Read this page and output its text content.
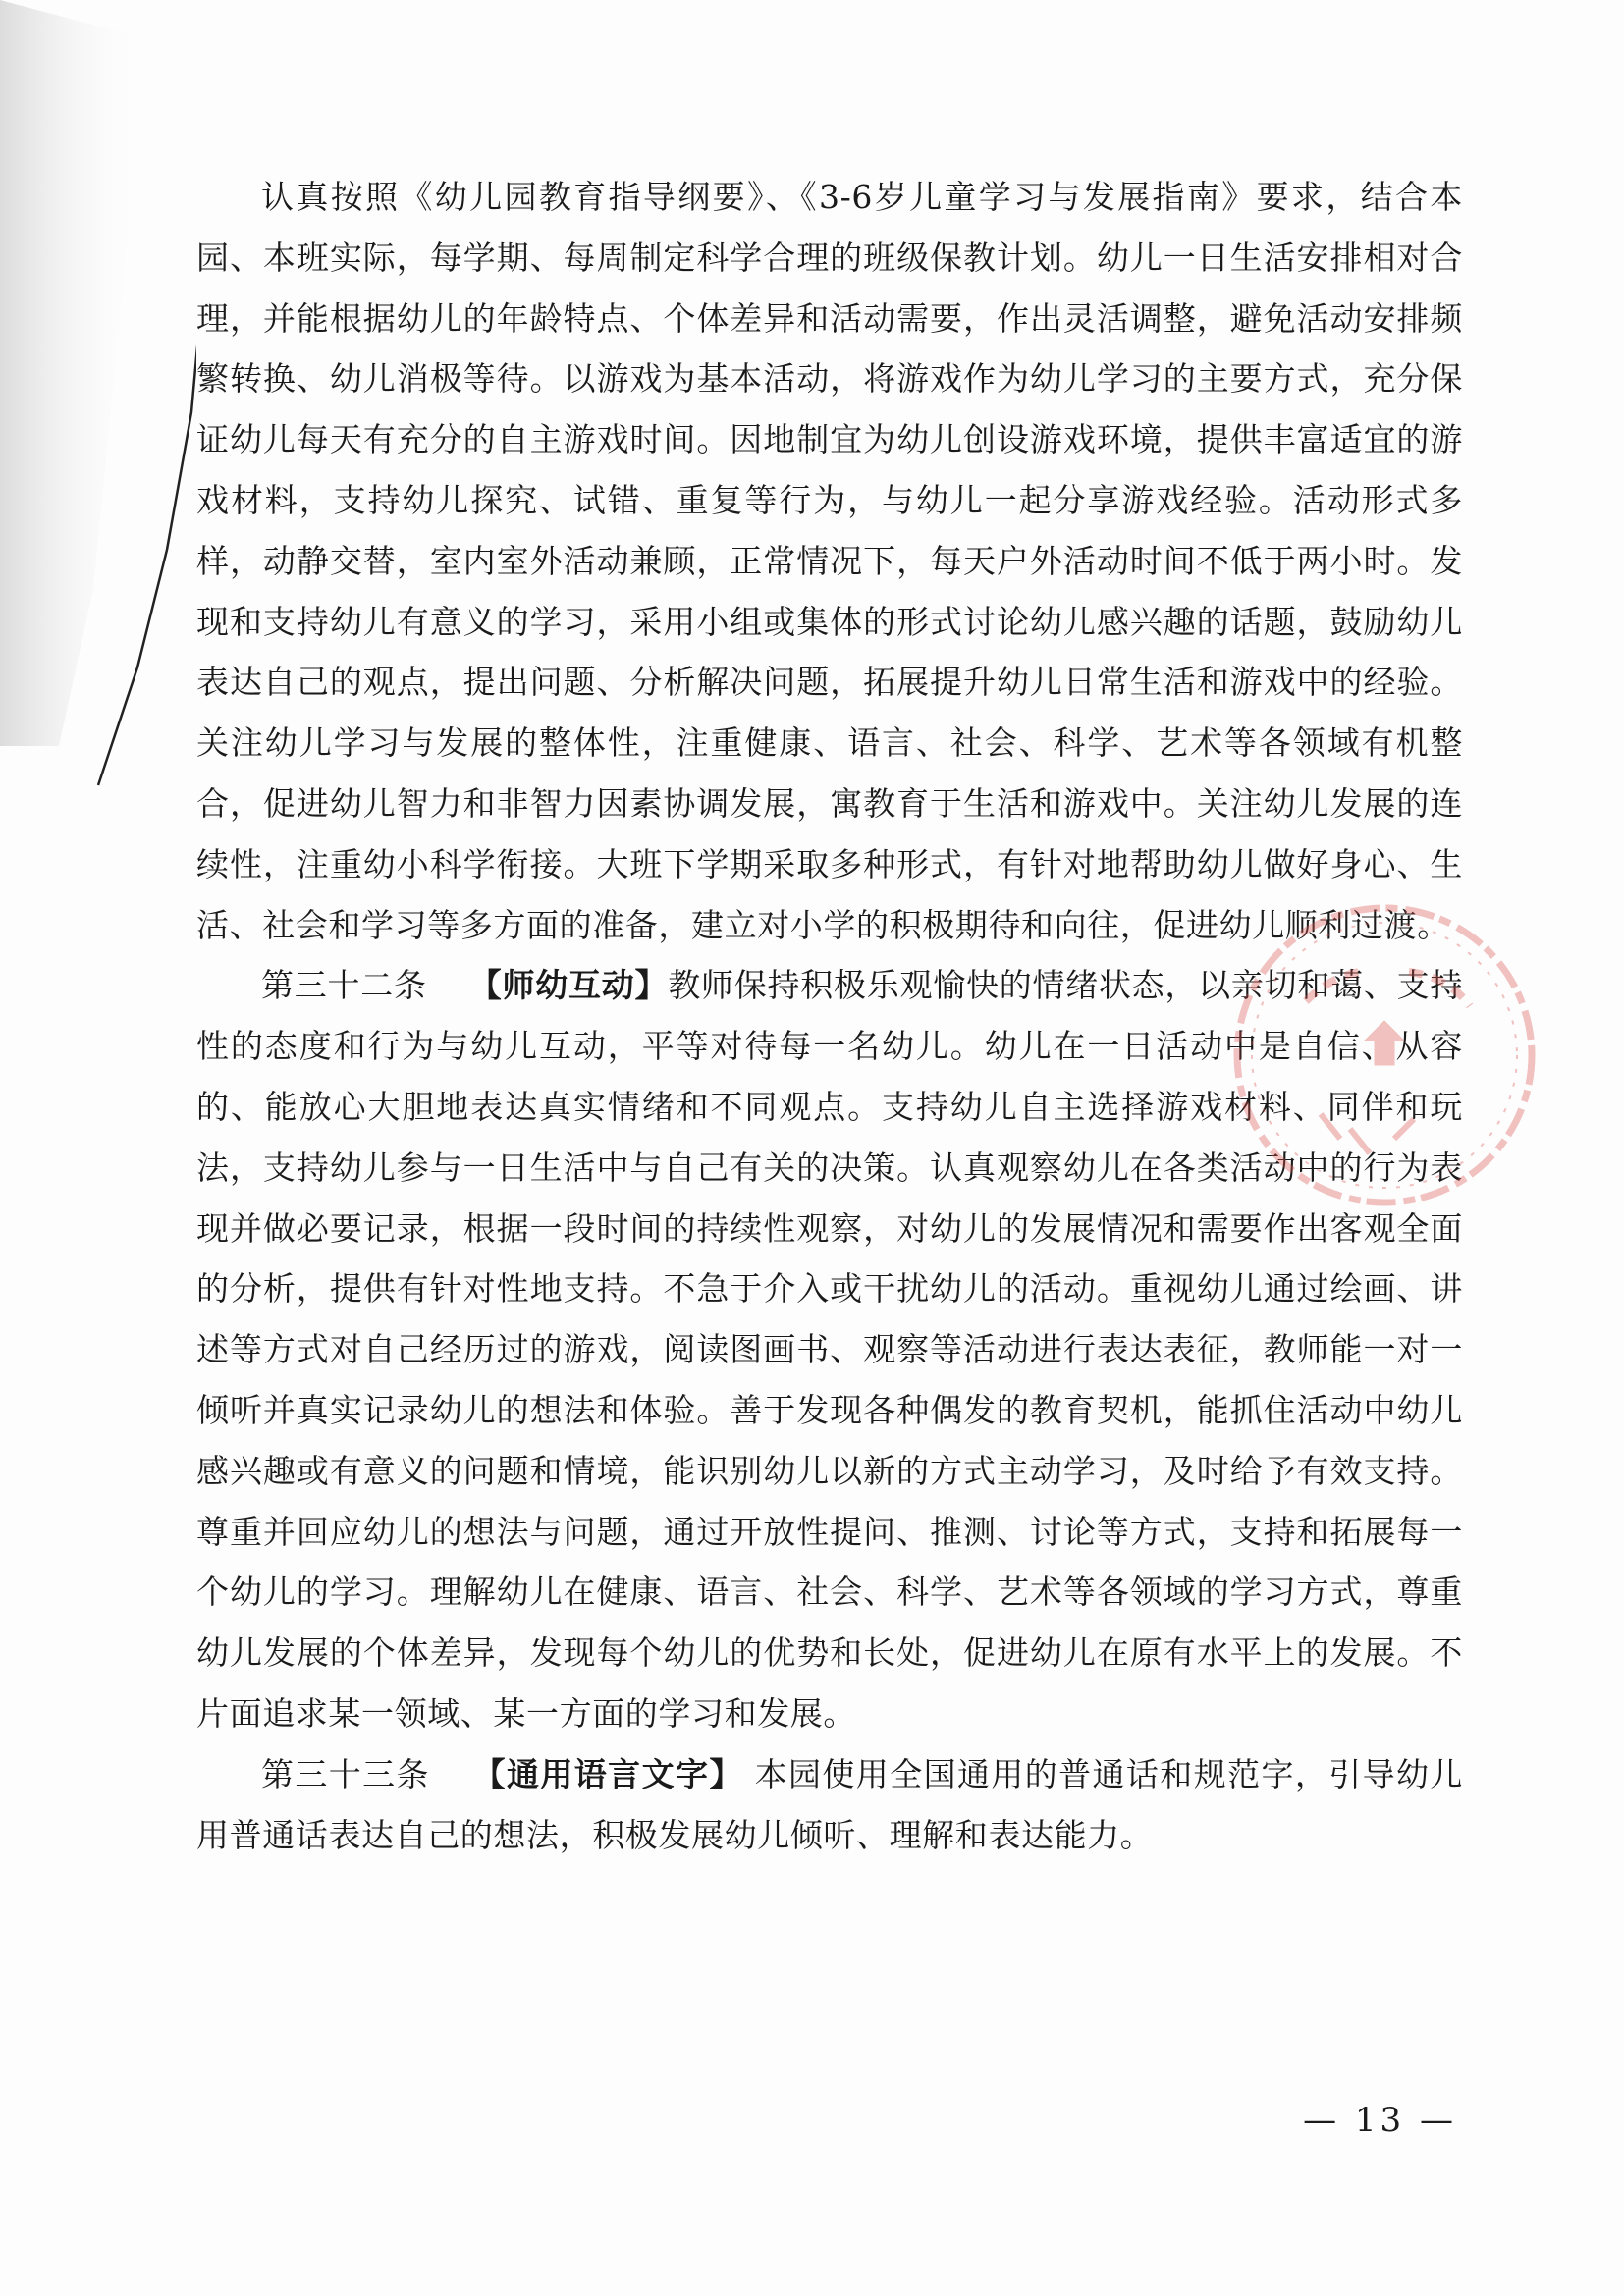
认真按照《幼儿园教育指导纲要》、《3-6岁儿童学习与发展指南》要求，结合本园、本班实际，每学期、每周制定科学合理的班级保教计划。幼儿一日生活安排相对合理，并能根据幼儿的年龄特点、个体差异和活动需要，作出灵活调整，避免活动安排频繁转换、幼儿消极等待。以游戏为基本活动，将游戏作为幼儿学习的主要方式，充分保证幼儿每天有充分的自主游戏时间。因地制宜为幼儿创设游戏环境，提供丰富适宜的游戏材料，支持幼儿探究、试错、重复等行为，与幼儿一起分享游戏经验。活动形式多样，动静交替，室内室外活动兼顾，正常情况下，每天户外活动时间不低于两小时。发现和支持幼儿有意义的学习，采用小组或集体的形式讨论幼儿感兴趣的话题，鼓励幼儿表达自己的观点，提出问题、分析解决问题，拓展提升幼儿日常生活和游戏中的经验。关注幼儿学习与发展的整体性，注重健康、语言、社会、科学、艺术等各领域有机整合，促进幼儿智力和非智力因素协调发展，寓教育于生活和游戏中。关注幼儿发展的连续性，注重幼小科学衔接。大班下学期采取多种形式，有针对地帮助幼儿做好身心、生活、社会和学习等多方面的准备，建立对小学的积极期待和向往，促进幼儿顺利过渡。

第三十二条 【师幼互动】教师保持积极乐观愉快的情绪状态，以亲切和蔼、支持性的态度和行为与幼儿互动，平等对待每一名幼儿。幼儿在一日活动中是自信、从容的、能放心大胆地表达真实情绪和不同观点。支持幼儿自主选择游戏材料、同伴和玩法，支持幼儿参与一日生活中与自己有关的决策。认真观察幼儿在各类活动中的行为表现并做必要记录，根据一段时间的持续性观察，对幼儿的发展情况和需要作出客观全面的分析，提供有针对性地支持。不急于介入或干扰幼儿的活动。重视幼儿通过绘画、讲述等方式对自己经历过的游戏，阅读图画书、观察等活动进行表达表征，教师能一对一倾听并真实记录幼儿的想法和体验。善于发现各种偶发的教育契机，能抓住活动中幼儿感兴趣或有意义的问题和情境，能识别幼儿以新的方式主动学习，及时给予有效支持。尊重并回应幼儿的想法与问题，通过开放性提问、推测、讨论等方式，支持和拓展每一个幼儿的学习。理解幼儿在健康、语言、社会、科学、艺术等各领域的学习方式，尊重幼儿发展的个体差异，发现每个幼儿的优势和长处，促进幼儿在原有水平上的发展。不片面追求某一领域、某一方面的学习和发展。

第三十三条 【通用语言文字】 本园使用全国通用的普通话和规范字，引导幼儿用普通话表达自己的想法，积极发展幼儿倾听、理解和表达能力。

— 13 —
